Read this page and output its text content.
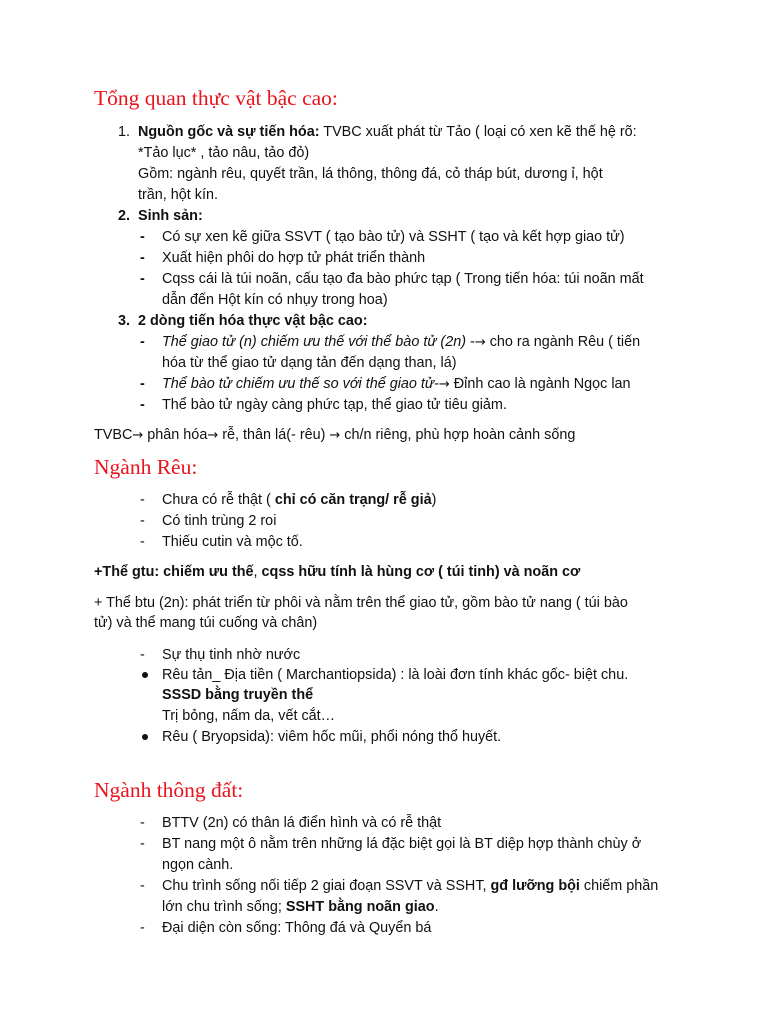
Tổng quan thực vật bậc cao:
1. Nguồn gốc và sự tiến hóa: TVBC xuất phát từ Tảo ( loại có xen kẽ thế hệ rõ:
*Tảo lục* , tảo nâu, tảo đỏ)
Gồm: ngành rêu, quyết trần, lá thông, thông đá, cỏ tháp bút, dương ỉ, hột
trần, hột kín.
2. Sinh sản:
- Có sự xen kẽ giữa SSVT ( tạo bào tử) và SSHT ( tạo và kết hợp giao tử)
- Xuất hiện phôi do hợp tử phát triển thành
- Cqss cái là túi noãn, cấu tạo đa bào phức tạp ( Trong tiến hóa: túi noãn mất
dẫn đến Hột kín có nhụy trong hoa)
3. 2 dòng tiến hóa thực vật bậc cao:
- Thể giao tử (n) chiếm ưu thế với thể bào tử (2n) -→ cho ra ngành Rêu ( tiến
hóa từ thể giao tử dạng tản đến dạng than, lá)
- Thể bào tử chiếm ưu thế so với thể giao tử-→ Đỉnh cao là ngành Ngọc lan
- Thể bào tử ngày càng phức tạp, thể giao tử tiêu giảm.
TVBC→ phân hóa→ rễ, thân lá(- rêu) → ch/n riêng, phù hợp hoàn cảnh sống
Ngành Rêu:
- Chưa có rễ thật ( chỉ có căn trạng/ rễ giả)
- Có tinh trùng 2 roi
- Thiếu cutin và mộc tố.
+Thể gtu: chiếm ưu thế, cqss hữu tính là hùng cơ ( túi tinh) và noãn cơ
+ Thể btu (2n): phát triển từ phôi và nằm trên thể giao tử, gồm bào tử nang ( túi bào
tử) và thể mang túi cuống và chân)
- Sự thụ tinh nhờ nước
Rêu tản_ Địa tiền ( Marchantiopsida) : là loài đơn tính khác gốc- biệt chu.
SSSD bằng truyền thể
Trị bỏng, nấm da, vết cắt…
Rêu ( Bryopsida): viêm hốc mũi, phổi nóng thổ huyết.
Ngành thông đất:
- BTTV (2n) có thân lá điển hình và có rễ thật
- BT nang một ô nằm trên những lá đặc biệt gọi là BT diệp hợp thành chùy ở
ngọn cành.
- Chu trình sống nối tiếp 2 giai đoạn SSVT và SSHT, gđ lưỡng bội chiếm phần
lớn chu trình sống; SSHT bằng noãn giao.
- Đại diện còn sống: Thông đá và Quyển bá
